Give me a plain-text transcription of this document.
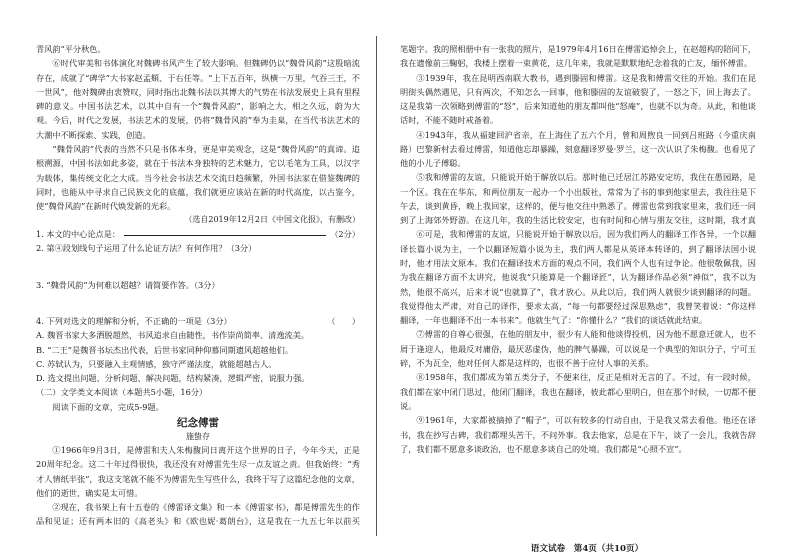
青风韵”平分秋色。

⑥时代审美和书体演化对魏碑书风产生了较大影响。但魏碑仍以“魏骨风韵”这股暗流存在，成就了“碑学”大书家赵孟頫、于右任等。“上下五百年，纵横一万里，气吞三王，不一世风”，他对魏碑由衷赞叹，同时指出北魏书法以其博大的气势在书法发展史上具有里程碑的意义。中国书法艺术，以其中自有一个“魏骨风韵”，影响之大，相之久远，蔚为大观。今后，时代之发展，书法艺术的发展，仍将“魏骨风韵”奉为圭臬，在当代书法艺术的大潮中不断探索、实践，创造。

“魏骨风韵”代表的当然不只是书体本身，更是审美观念，这是“魏骨风韵”的真谛。追根溯源，中国书法如此多姿，就在于书法本身独特的艺术魅力，它以毛笔为工具，以汉字为载体，集传统文化之大成。当今社会书法艺术交流日趋频繁，外国书法家在借鉴魏碑的同时，也能从中寻求自己民族文化的底蕴，我们就更应该站在新的时代高度，以古鉴今，使“魏骨风韵”在新时代焕发新的光彩。

（选自2019年12月2日《中国文化报》，有删改）
1. 本文的中心论点是：	（2分）
2. 第④段划线句子运用了什么论证方法？有何作用？（3分）
3. “魏骨风韵”为何难以超越？请简要作答。（3分）
4. 下列对选文的理解和分析，不正确的一项是（3分）	（　　）
A. 魏晋书家大多洒脱超然，书风追求自由随性，书作崇尚简率、清逸流美。
B. “二王”是魏晋书坛杰出代表，后世书家同种仰慕同期遗风超越他们。
C. 苏轼认为，只要融入主观情感，独守严谨法度，就能超越古人。
D. 选文提出问题、分析问题、解决问题，结构紧凑，逻辑严密，说服力强。
（二）文学类文本阅读（本题共5小题，16分）
阅读下面的文章，完成5-9题。
纪念傅雷
施蛰存

①1966年9月3日，是傅雷和夫人朱梅馥同日离开这个世界的日子，今年今天，正是20周年纪念。这二十年过得很快，我还没有对傅雷先生尽一点友谊之责。但我始终：“秀才人情纸半张”，我这支笔就不能不为傅雷先生写些什么，我终于写了这篇纪念他的文章，他们的逝世，确实是太可惜。

②现在，我书架上有十五卷的《傅雷译文集》和一本《傅雷家书》，都是傅雷先生的作品和见证；还有两本旧的《高老头》和《欧也妮·葛朗台》，这是我在一九五七年以前买

笔题字。我的照相册中有一张我的照片，是1979年4月16日在傅雷追悼会上，在赵超构的陪同下，我在遗像前三鞠躬，我楼上摆着一束黄花，这几年来，我就是默默地纪念着我的亡友，缅怀傅雷。

③1939年，我在昆明西南联大教书，遇到滕固和傅雷。这是我和傅雷交往的开始。我们在昆明街头偶然遇见，只有两次，不知怎么一回事，他和滕固的友谊破裂了，一怒之下，回上海去了。这是我第一次领略到傅雷的“怒”，后来知道他的朋友都叫他“怒庵”，也就不以为奇。从此，和他谈话时，不能不随时戒备着。

④1943年，我从福建回沪省亲，在上海住了五六个月，曾和周煦良一同到吕班路（今重庆南路）巴黎新村去看过傅雷，知道他忘却暴躁，刻意翻译罗曼·罗兰，这一次认识了朱梅馥。也看见了他的小儿子傅聪。

⑤我和傅雷的友谊，只能说开始于解放以后。那时他已迁居江苏路安定坊，我住在愚园路，是一个区。我在在华东，和两位朋友一起办一个小出版社，常常为了书的事到他家里去，我往往是下午去，谈到黄昏，晚上我回家，这样的，便与他交往中熟悉了。傅雷也常到我家里来，我们还一同到了上海郊外野游。在这几年，我的生活比较安定，也有时间和心情与朋友交往，这时期，我才真

⑥可是，我和傅雷的友谊，只能说开始于解放以后，因为我们两人的翻译工作各异，一个以翻译长篇小说为主，一个以翻译短篇小说为主，我们两人都是从英译本转译的，到了翻译法国小说时，他才用法文原本。我们在翻译技术方面的观点不同，我们两个人也有过争论。他很敬佩我，因为我在翻译方面不太讲究，他说我“只能算是一个翻译匠”，认为翻译作品必须“神似”，我不以为然，他很不高兴，后来才说“也就算了”，我才放心。从此以后，我们两人就很少谈到翻译的问题。我觉得他太严肃，对自己的译作，要求太高，“每一句都要经过深思熟虑”，我曾笑着说：“你这样翻译，一年也翻译不出一本书来”。他就生气了：“你懂什么？”我们的谈话就此结束。

⑦傅雷的自尊心很强，在他的朋友中，很少有人能和他谈得投机，因为他不愿意迁就人，也不屑于逢迎人，他最反对庸俗，最厌恶虚伪，他的脾气暴躁，可以说是一个典型的知识分子，宁可玉碎，不为瓦全，他对任何人都是这样的，也很不善于应付人事的关系。

⑧1958年，我们都成为第五类分子，不便来往，反正是相对无言的了。不过，有一段时候，我们都在家中闭门思过，他闭门翻译，我也在翻译，彼此都心里明白，但在那个时候，一切都不便说。

⑨1961年，大家都被摘掉了“帽子”，可以有较多的行动自由，于是我又常去看他。他还在译书，我在抄写古碑，我们都埋头苦干，不问外事。我去他家，总是在下午，谈了一会儿，我就告辞了，我们都不愿意多谈政治，也不愿意多谈自己的处境。我们都是“心照不宣”。

语文试卷　第4页（共10页）
